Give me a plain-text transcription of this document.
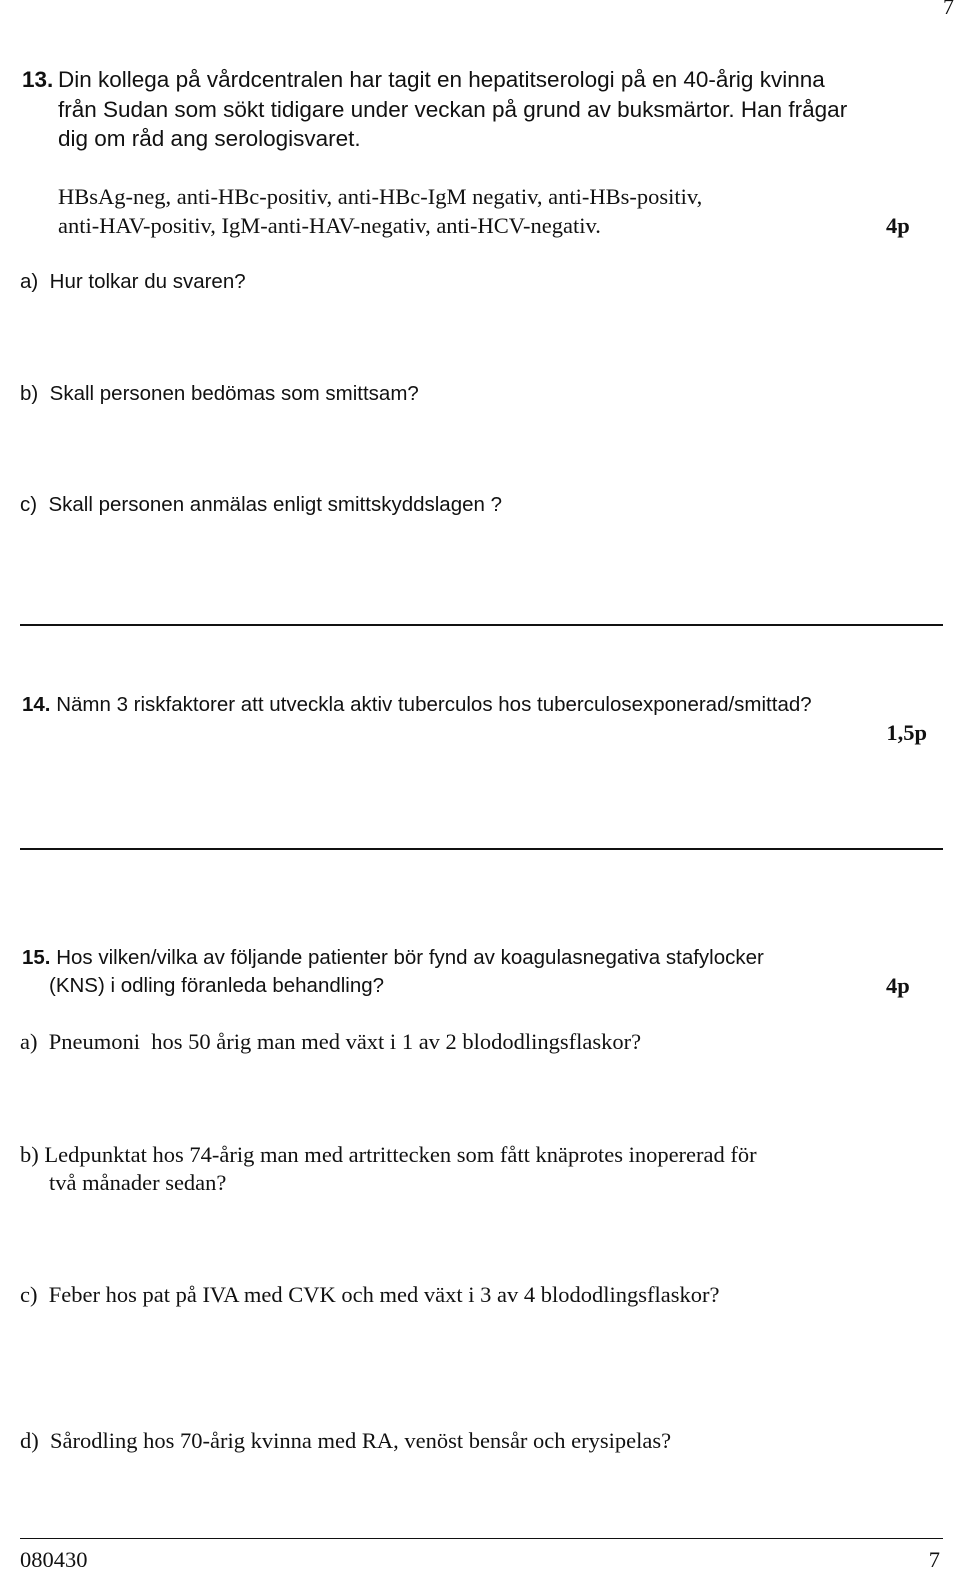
7
13. Din kollega på vårdcentralen har tagit en hepatitserologi på en 40-årig kvinna
från Sudan som sökt tidigare under veckan på grund av buksmärtor. Han frågar
dig om råd ang serologisvaret.
HBsAg-neg, anti-HBc-positiv, anti-HBc-IgM negativ, anti-HBs-positiv,
anti-HAV-positiv, IgM-anti-HAV-negativ, anti-HCV-negativ.	4p
a) Hur tolkar du svaren?
b) Skall personen bedömas som smittsam?
c) Skall personen anmälas enligt smittskyddslagen ?
14. Nämn 3 riskfaktorer att utveckla aktiv tuberculos hos tuberculosexponerad/smittad?
1,5p
15. Hos vilken/vilka av följande patienter bör fynd av koagulasnegativa stafylocker
(KNS) i odling föranleda behandling?	4p
a) Pneumoni  hos 50 årig man med växt i 1 av 2 blododlingsflaskor?
b) Ledpunktat hos 74-årig man med artrittecken som fått knäprotes inopererad för
två månader sedan?
c) Feber hos pat på IVA med CVK och med växt i 3 av 4 blododlingsflaskor?
d) Sårodling hos 70-årig kvinna med RA, venöst bensår och erysipelas?
080430	7
